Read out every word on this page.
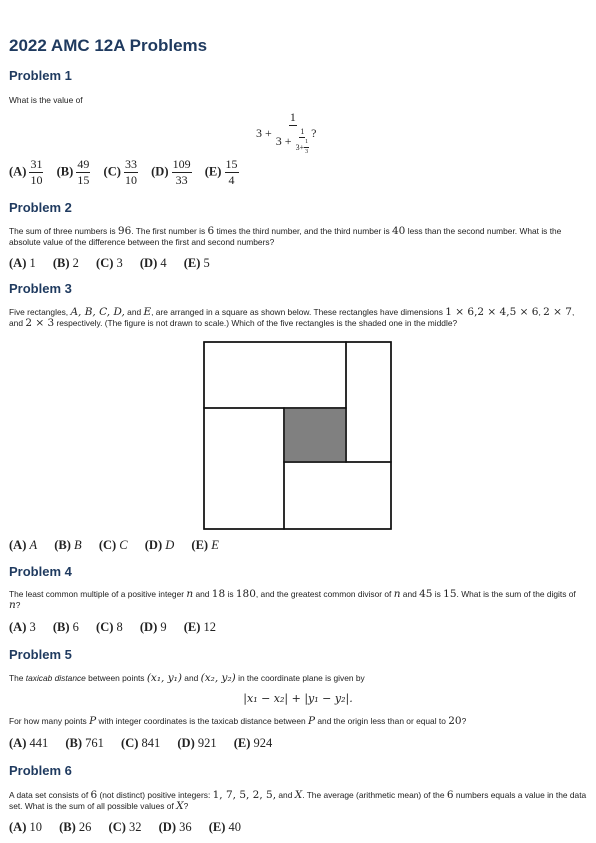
2022 AMC 12A Problems
Problem 1

What is the value of

3 +

1
3 +

1
$3+ \frac{1}{3}$
?
$(A) \frac{31}{10} (B) \frac{49}{15} (C) \frac{33}{10} (D) \frac{109}{33} (E) \frac{15}{4}$
Problem 2

The sum of three numbers is 96. The first number is 6 times the third number, and the third number is 40 less than the second number. What is the absolute value of the difference between the first and second numbers?

(A) 1 (B) 2 (C) 3 (D) 4 (E) 5
Problem 3

Five rectangles, A, B, C, D, and E, are arranged in a square as shown below. These rectangles have dimensions 1 × 6,2 × 4,5 × 6, 2 × 7, and 2 × 3 respectively. (The figure is not drawn to scale.) Which of the five rectangles is the shaded one in the middle?

(A) A (B) B (C) C (D) D (E) E
Problem 4

The least common multiple of a positive integer n and 18 is 180, and the greatest common divisor of n and 45 is 15. What is the sum of the digits of n?

(A) 3 (B) 6 (C) 8 (D) 9 (E) 12
Problem 5

The taxicab distance between points (x₁, y₁) and (x₂, y₂) in the coordinate plane is given by

|x₁ − x₂| + |y₁ − y₂|.

For how many points P with integer coordinates is the taxicab distance between P and the origin less than or equal to 20?

(A) 441 (B) 761 (C) 841 (D) 921 (E) 924
Problem 6

A data set consists of 6 (not distinct) positive integers: 1, 7, 5, 2, 5, and X. The average (arithmetic mean) of the 6 numbers equals a value in the data set. What is the sum of all possible values of X?

(A) 10 (B) 26 (C) 32 (D) 36 (E) 40
